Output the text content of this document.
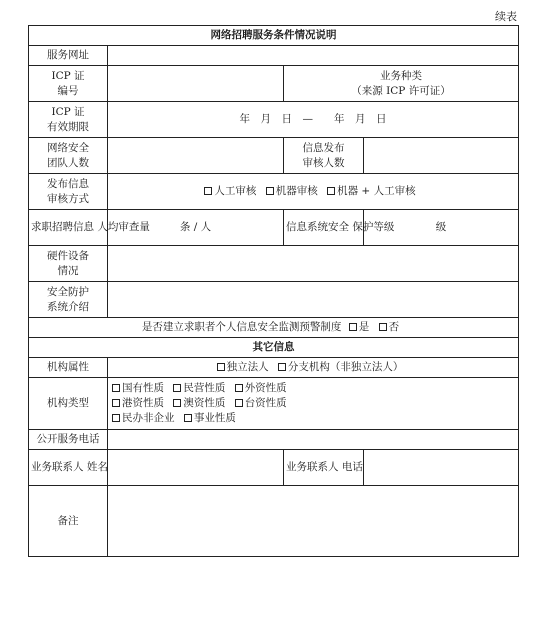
续表
网络招聘服务条件情况说明			
服务网址			
ICP 证
编号		业务种类
（来源 ICP 许可证）	
ICP 证
有效期限	年　月　日　—　　年　月　日		
网络安全
团队人数		信息发布
审核人数	
发布信息
审核方式	人工审核 机器审核 机器 + 人工审核		
求职招聘信息 人均审查量	条 / 人	信息系统安全 保护等级	级
硬件设备
情况			
安全防护
系统介绍			
是否建立求职者个人信息安全监测预警制度 是 否			
其它信息			
机构属性	独立法人 分支机构（非独立法人）		
机构类型	国有性质 民营性质 外资性质
港资性质 澳资性质 台资性质
民办非企业 事业性质		

公开服务电话			
业务联系人 姓名		业务联系人 电话	
备注			
